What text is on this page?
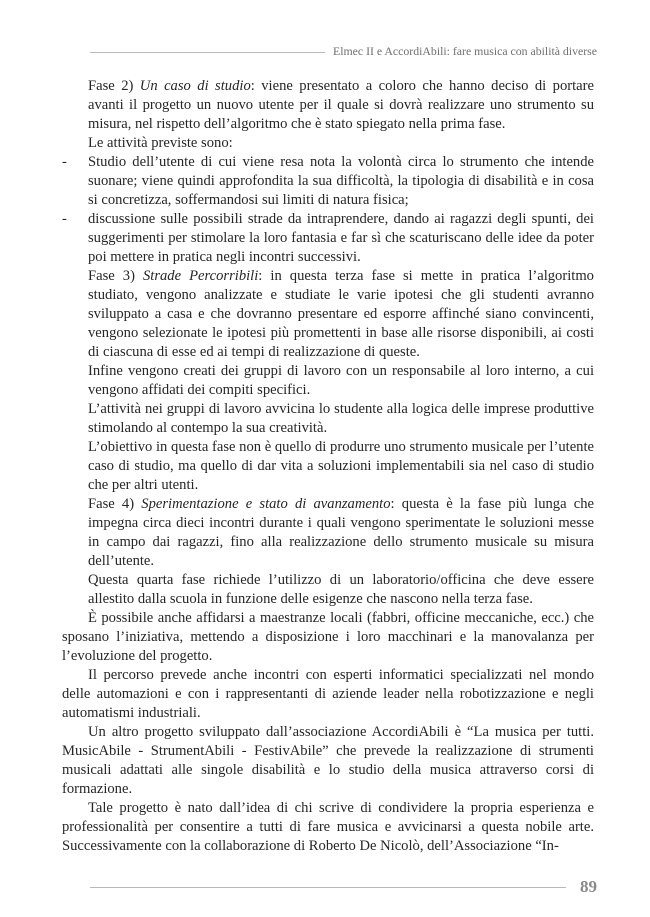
Elmec II e AccordiAbili: fare musica con abilità diverse

Fase 2) Un caso di studio: viene presentato a coloro che hanno deciso di portare avanti il progetto un nuovo utente per il quale si dovrà realizzare uno strumento su misura, nel rispetto dell’algoritmo che è stato spiegato nella prima fase.

Le attività previste sono:

- Studio dell’utente di cui viene resa nota la volontà circa lo strumento che intende suonare; viene quindi approfondita la sua difficoltà, la tipologia di disabilità e in cosa si concretizza, soffermandosi sui limiti di natura fisica;

- discussione sulle possibili strade da intraprendere, dando ai ragazzi degli spunti, dei suggerimenti per stimolare la loro fantasia e far sì che scaturiscano delle idee da poter poi mettere in pratica negli incontri successivi.

Fase 3) Strade Percorribili: in questa terza fase si mette in pratica l’algoritmo studiato, vengono analizzate e studiate le varie ipotesi che gli studenti avranno sviluppato a casa e che dovranno presentare ed esporre affinché siano convincenti, vengono selezionate le ipotesi più promettenti in base alle risorse disponibili, ai costi di ciascuna di esse ed ai tempi di realizzazione di queste.

Infine vengono creati dei gruppi di lavoro con un responsabile al loro interno, a cui vengono affidati dei compiti specifici.

L’attività nei gruppi di lavoro avvicina lo studente alla logica delle imprese produttive stimolando al contempo la sua creatività.

L’obiettivo in questa fase non è quello di produrre uno strumento musicale per l’utente caso di studio, ma quello di dar vita a soluzioni implementabili sia nel caso di studio che per altri utenti.

Fase 4) Sperimentazione e stato di avanzamento: questa è la fase più lunga che impegna circa dieci incontri durante i quali vengono sperimentate le soluzioni messe in campo dai ragazzi, fino alla realizzazione dello strumento musicale su misura dell’utente.

Questa quarta fase richiede l’utilizzo di un laboratorio/officina che deve essere allestito dalla scuola in funzione delle esigenze che nascono nella terza fase.

È possibile anche affidarsi a maestranze locali (fabbri, officine meccaniche, ecc.) che sposano l’iniziativa, mettendo a disposizione i loro macchinari e la manovalanza per l’evoluzione del progetto.

Il percorso prevede anche incontri con esperti informatici specializzati nel mondo delle automazioni e con i rappresentanti di aziende leader nella robotizzazione e negli automatismi industriali.

Un altro progetto sviluppato dall’associazione AccordiAbili è “La musica per tutti. MusicAbile - StrumentAbili - FestivAbile” che prevede la realizzazione di strumenti musicali adattati alle singole disabilità e lo studio della musica attraverso corsi di formazione.

Tale progetto è nato dall’idea di chi scrive di condividere la propria esperienza e professionalità per consentire a tutti di fare musica e avvicinarsi a questa nobile arte. Successivamente con la collaborazione di Roberto De Nicolò, dell’Associazione “In-

89
